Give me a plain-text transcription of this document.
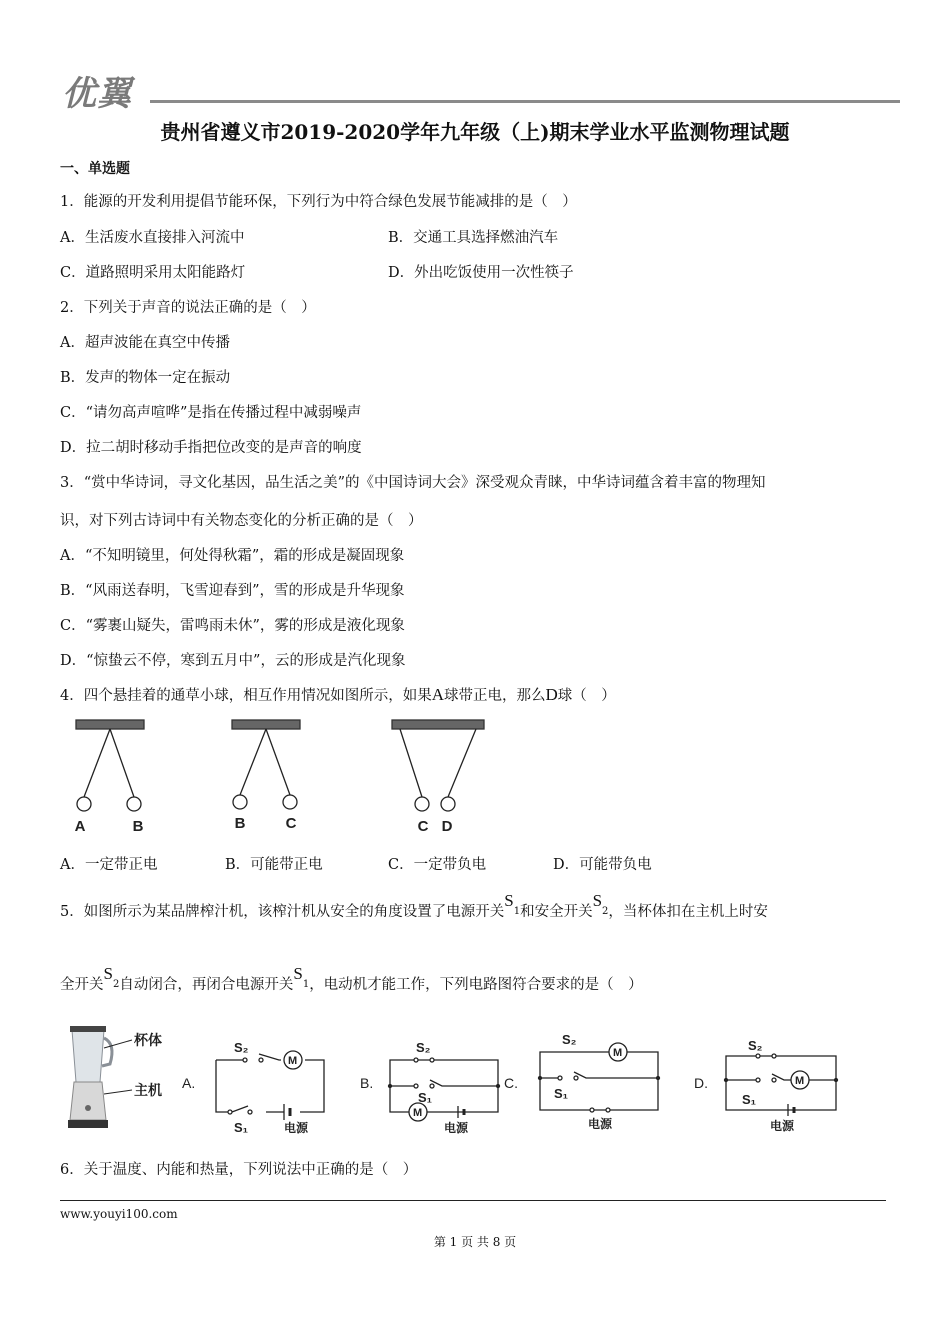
优翼
贵州省遵义市2019-2020学年九年级（上)期末学业水平监测物理试题
一、单选题
1．能源的开发利用提倡节能环保，下列行为中符合绿色发展节能减排的是（　）
A．生活废水直接排入河流中	B．交通工具选择燃油汽车
C．道路照明采用太阳能路灯	D．外出吃饭使用一次性筷子
2．下列关于声音的说法正确的是（　）
A．超声波能在真空中传播
B．发声的物体一定在振动
C．“请勿高声喧哗”是指在传播过程中减弱噪声
D．拉二胡时移动手指把位改变的是声音的响度
3．“赏中华诗词，寻文化基因，品生活之美”的《中国诗词大会》深受观众青睐，中华诗词蕴含着丰富的物理知
识，对下列古诗词中有关物态变化的分析正确的是（　）
A．“不知明镜里，何处得秋霜”，霜的形成是凝固现象
B．“风雨送春明，飞雪迎春到”，雪的形成是升华现象
C．“雾裹山疑失，雷鸣雨未休”，雾的形成是液化现象
D．“惊蛰云不停，寒到五月中”，云的形成是汽化现象
4．四个悬挂着的通草小球，相互作用情况如图所示，如果A球带正电，那么D球（　）
A	B	B	C	C D
A．一定带正电	B．可能带正电	C．一定带负电	D．可能带负电
5．如图所示为某品牌榨汁机，该榨汁机从安全的角度设置了电源开关S1和安全开关S2，当杯体扣在主机上时安
全开关S2自动闭合，再闭合电源开关S1，电动机才能工作，下列电路图符合要求的是（　）
杯体
主机 A.	B.	C.	D.
M
S₂
S₁	电源
M
S₂
S₁
电源
M
S₂
S₁
电源
M
S₂
S₁
电源
6．关于温度、内能和热量，下列说法中正确的是（　）
www.youyi100.com
第 1 页 共 8 页
